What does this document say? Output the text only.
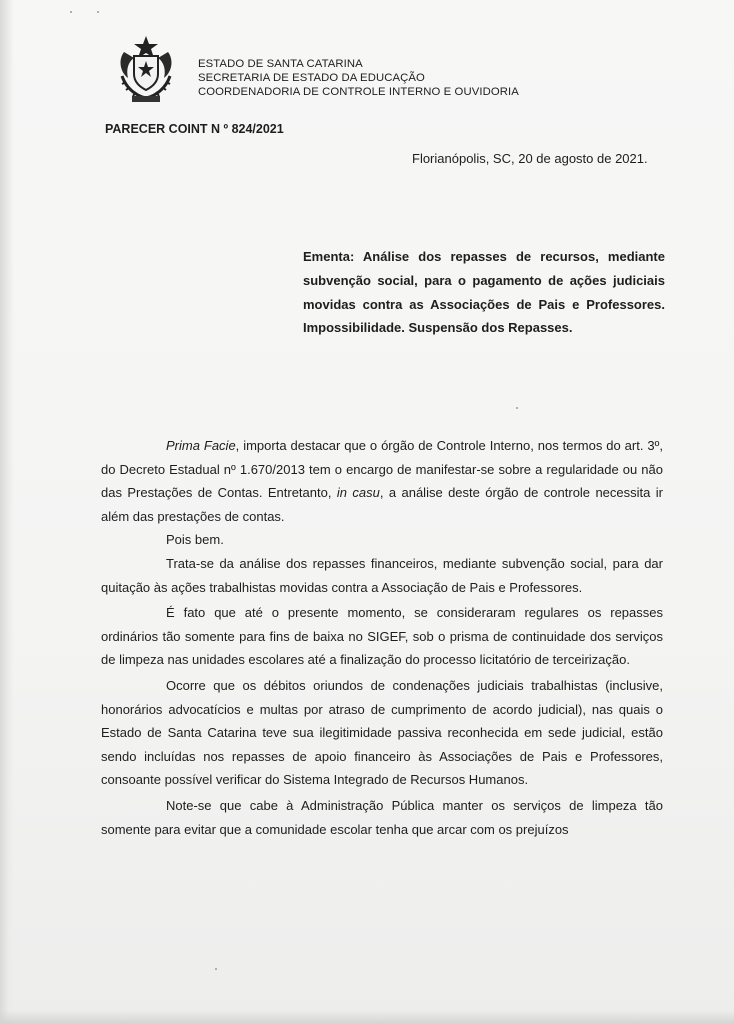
ESTADO DE SANTA CATARINA
SECRETARIA DE ESTADO DA EDUCAÇÃO
COORDENADORIA DE CONTROLE INTERNO E OUVIDORIA
PARECER COINT N º 824/2021
Florianópolis, SC, 20 de agosto de 2021.
Ementa: Análise dos repasses de recursos, mediante subvenção social, para o pagamento de ações judiciais movidas contra as Associações de Pais e Professores. Impossibilidade. Suspensão dos Repasses.

Prima Facie, importa destacar que o órgão de Controle Interno, nos termos do art. 3º, do Decreto Estadual nº 1.670/2013 tem o encargo de manifestar-se sobre a regularidade ou não das Prestações de Contas. Entretanto, in casu, a análise deste órgão de controle necessita ir além das prestações de contas.

Pois bem.

Trata-se da análise dos repasses financeiros, mediante subvenção social, para dar quitação às ações trabalhistas movidas contra a Associação de Pais e Professores.

É fato que até o presente momento, se consideraram regulares os repasses ordinários tão somente para fins de baixa no SIGEF, sob o prisma de continuidade dos serviços de limpeza nas unidades escolares até a finalização do processo licitatório de terceirização.

Ocorre que os débitos oriundos de condenações judiciais trabalhistas (inclusive, honorários advocatícios e multas por atraso de cumprimento de acordo judicial), nas quais o Estado de Santa Catarina teve sua ilegitimidade passiva reconhecida em sede judicial, estão sendo incluídas nos repasses de apoio financeiro às Associações de Pais e Professores, consoante possível verificar do Sistema Integrado de Recursos Humanos.

Note-se que cabe à Administração Pública manter os serviços de limpeza tão somente para evitar que a comunidade escolar tenha que arcar com os prejuízos
